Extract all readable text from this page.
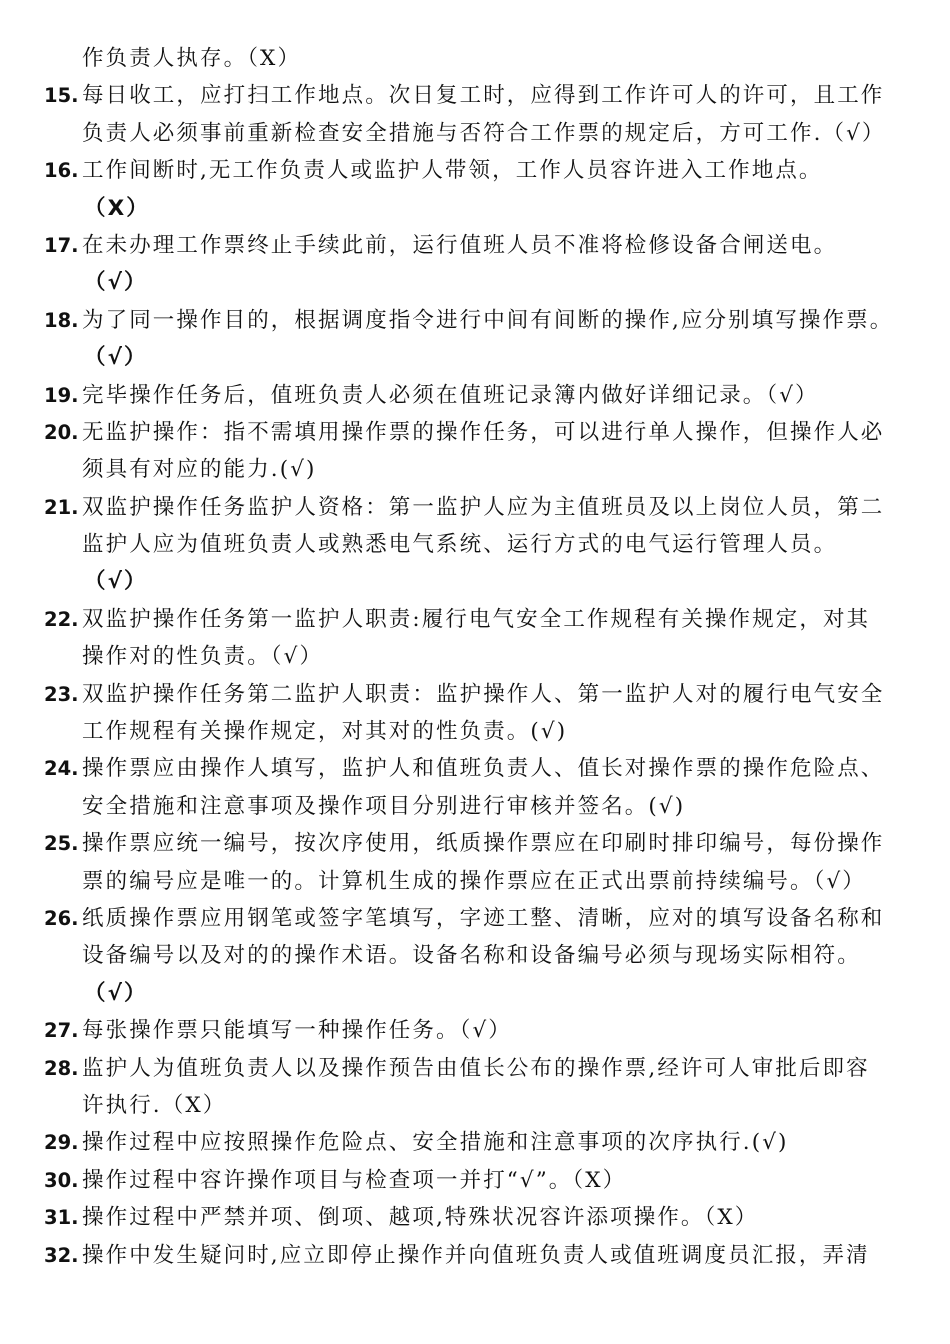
作负责人执存。（X）
15. 每日收工，应打扫工作地点。次日复工时，应得到工作许可人的许可，且工作
负责人必须事前重新检查安全措施与否符合工作票的规定后，方可工作.（√）
16. 工作间断时,无工作负责人或监护人带领，工作人员容许进入工作地点。
（X）
17. 在未办理工作票终止手续此前，运行值班人员不准将检修设备合闸送电。
（√）
18. 为了同一操作目的，根据调度指令进行中间有间断的操作,应分别填写操作票。
（√）
19. 完毕操作任务后，值班负责人必须在值班记录簿内做好详细记录。（√）
20. 无监护操作：指不需填用操作票的操作任务，可以进行单人操作，但操作人必
须具有对应的能力.(√)
21. 双监护操作任务监护人资格：第一监护人应为主值班员及以上岗位人员，第二
监护人应为值班负责人或熟悉电气系统、运行方式的电气运行管理人员。
（√）
22. 双监护操作任务第一监护人职责:履行电气安全工作规程有关操作规定，对其
操作对的性负责。（√）
23. 双监护操作任务第二监护人职责：监护操作人、第一监护人对的履行电气安全
工作规程有关操作规定，对其对的性负责。(√)
24. 操作票应由操作人填写，监护人和值班负责人、值长对操作票的操作危险点、
安全措施和注意事项及操作项目分别进行审核并签名。(√)
25. 操作票应统一编号，按次序使用，纸质操作票应在印刷时排印编号，每份操作
票的编号应是唯一的。计算机生成的操作票应在正式出票前持续编号。（√）
26. 纸质操作票应用钢笔或签字笔填写，字迹工整、清晰，应对的填写设备名称和
设备编号以及对的的操作术语。设备名称和设备编号必须与现场实际相符。
（√）
27. 每张操作票只能填写一种操作任务。（√）
28. 监护人为值班负责人以及操作预告由值长公布的操作票,经许可人审批后即容
许执行.（X）
29. 操作过程中应按照操作危险点、安全措施和注意事项的次序执行.(√)
30. 操作过程中容许操作项目与检查项一并打“√”。（X）
31. 操作过程中严禁并项、倒项、越项,特殊状况容许添项操作。（X）
32. 操作中发生疑问时,应立即停止操作并向值班负责人或值班调度员汇报，弄清
